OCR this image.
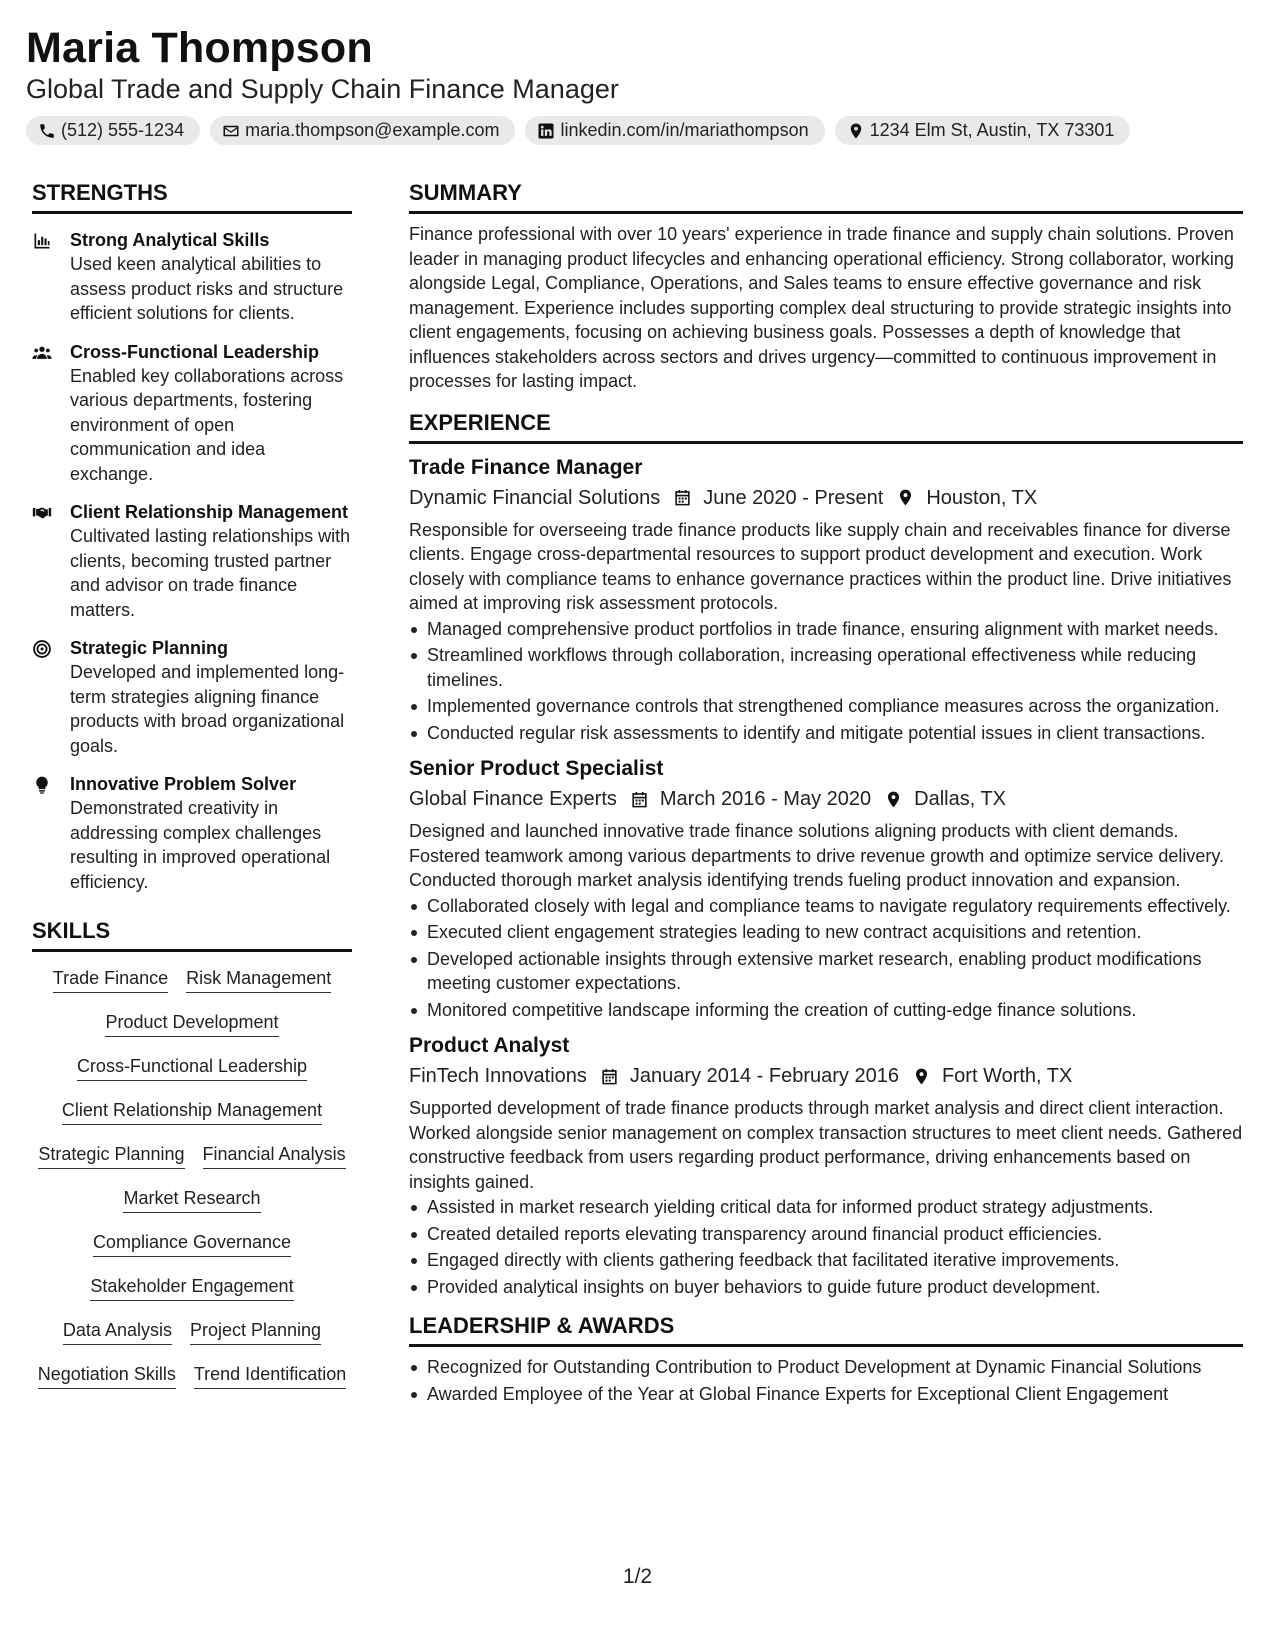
Maria Thompson
Global Trade and Supply Chain Finance Manager
(512) 555-1234	maria.thompson@example.com	linkedin.com/in/mariathompson	1234 Elm St, Austin, TX 73301
STRENGTHS
Strong Analytical Skills
Used keen analytical abilities to assess product risks and structure efficient solutions for clients.
Cross-Functional Leadership
Enabled key collaborations across various departments, fostering environment of open communication and idea exchange.
Client Relationship Management
Cultivated lasting relationships with clients, becoming trusted partner and advisor on trade finance matters.
Strategic Planning
Developed and implemented long-term strategies aligning finance products with broad organizational goals.
Innovative Problem Solver
Demonstrated creativity in addressing complex challenges resulting in improved operational efficiency.
SKILLS
Trade Finance Risk Management
Product Development
Cross-Functional Leadership
Client Relationship Management
Strategic Planning Financial Analysis
Market Research
Compliance Governance
Stakeholder Engagement
Data Analysis Project Planning
Negotiation Skills Trend Identification
SUMMARY
Finance professional with over 10 years' experience in trade finance and supply chain solutions. Proven leader in managing product lifecycles and enhancing operational efficiency. Strong collaborator, working alongside Legal, Compliance, Operations, and Sales teams to ensure effective governance and risk management. Experience includes supporting complex deal structuring to provide strategic insights into client engagements, focusing on achieving business goals. Possesses a depth of knowledge that influences stakeholders across sectors and drives urgency—committed to continuous improvement in processes for lasting impact.
EXPERIENCE
Trade Finance Manager
Dynamic Financial Solutions June 2020 - Present Houston, TX
Responsible for overseeing trade finance products like supply chain and receivables finance for diverse clients. Engage cross-departmental resources to support product development and execution. Work closely with compliance teams to enhance governance practices within the product line. Drive initiatives aimed at improving risk assessment protocols.
Managed comprehensive product portfolios in trade finance, ensuring alignment with market needs.
Streamlined workflows through collaboration, increasing operational effectiveness while reducing timelines.
Implemented governance controls that strengthened compliance measures across the organization.
Conducted regular risk assessments to identify and mitigate potential issues in client transactions.
Senior Product Specialist
Global Finance Experts March 2016 - May 2020 Dallas, TX
Designed and launched innovative trade finance solutions aligning products with client demands. Fostered teamwork among various departments to drive revenue growth and optimize service delivery. Conducted thorough market analysis identifying trends fueling product innovation and expansion.
Collaborated closely with legal and compliance teams to navigate regulatory requirements effectively.
Executed client engagement strategies leading to new contract acquisitions and retention.
Developed actionable insights through extensive market research, enabling product modifications meeting customer expectations.
Monitored competitive landscape informing the creation of cutting-edge finance solutions.
Product Analyst
FinTech Innovations January 2014 - February 2016 Fort Worth, TX
Supported development of trade finance products through market analysis and direct client interaction. Worked alongside senior management on complex transaction structures to meet client needs. Gathered constructive feedback from users regarding product performance, driving enhancements based on insights gained.
Assisted in market research yielding critical data for informed product strategy adjustments.
Created detailed reports elevating transparency around financial product efficiencies.
Engaged directly with clients gathering feedback that facilitated iterative improvements.
Provided analytical insights on buyer behaviors to guide future product development.
LEADERSHIP & AWARDS
Recognized for Outstanding Contribution to Product Development at Dynamic Financial Solutions
Awarded Employee of the Year at Global Finance Experts for Exceptional Client Engagement
1/2
